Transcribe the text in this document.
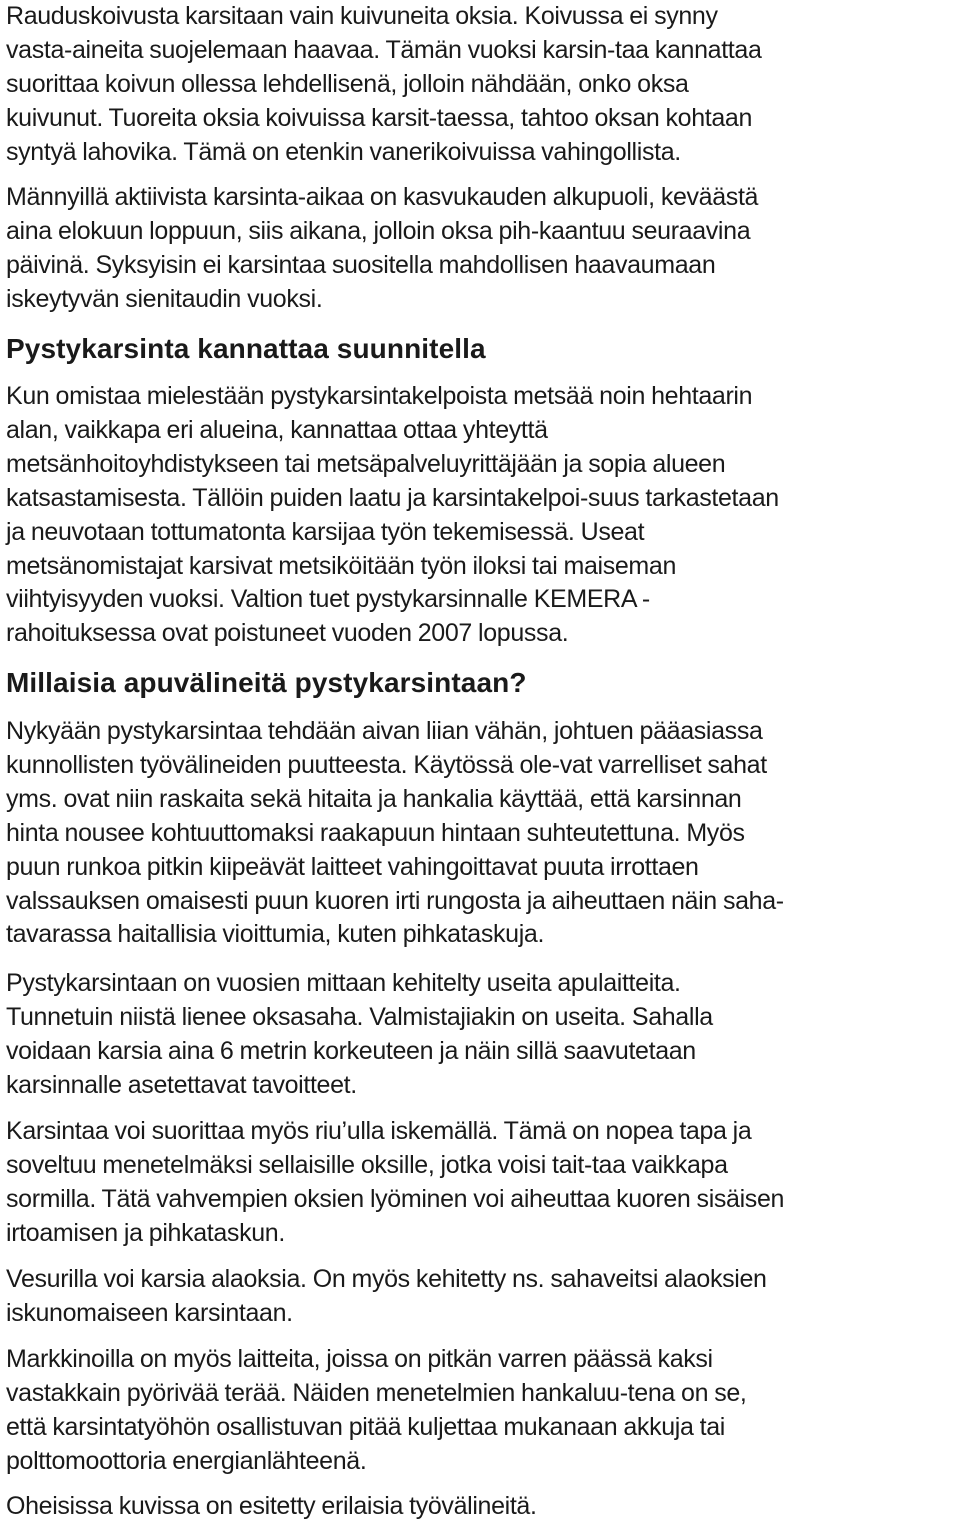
Rauduskoivusta karsitaan vain kuivuneita oksia. Koivussa ei synny
vasta-aineita suojelemaan haavaa. Tämän vuoksi karsin-taa kannattaa
suorittaa koivun ollessa lehdellisenä, jolloin nähdään, onko oksa
kuivunut. Tuoreita oksia koivuissa karsit-taessa, tahtoo oksan kohtaan
syntyä lahovika. Tämä on etenkin vanerikoivuissa vahingollista.

Männyillä aktiivista karsinta-aikaa on kasvukauden alkupuoli, keväästä
aina elokuun loppuun, siis aikana, jolloin oksa pih-kaantuu seuraavina
päivinä. Syksyisin ei karsintaa suositella mahdollisen haavaumaan
iskeytyvän sienitaudin vuoksi.

Pystykarsinta kannattaa suunnitella

Kun omistaa mielestään pystykarsintakelpoista metsää noin hehtaarin
alan, vaikkapa eri alueina, kannattaa ottaa yhteyttä
metsänhoitoyhdistykseen tai metsäpalveluyrittäjään ja sopia alueen
katsastamisesta. Tällöin puiden laatu ja karsintakelpoi-suus tarkastetaan
ja neuvotaan tottumatonta karsijaa työn tekemisessä. Useat
metsänomistajat karsivat metsiköitään työn iloksi tai maiseman
viihtyisyyden vuoksi. Valtion tuet pystykarsinnalle KEMERA -
rahoituksessa ovat poistuneet vuoden 2007 lopussa.

Millaisia apuvälineitä pystykarsintaan?

Nykyään pystykarsintaa tehdään aivan liian vähän, johtuen pääasiassa
kunnollisten työvälineiden puutteesta. Käytössä ole-vat varrelliset sahat
yms. ovat niin raskaita sekä hitaita ja hankalia käyttää, että karsinnan
hinta nousee kohtuuttomaksi raakapuun hintaan suhteutettuna. Myös
puun runkoa pitkin kiipeävät laitteet vahingoittavat puuta irrottaen
valssauksen omaisesti puun kuoren irti rungosta ja aiheuttaen näin saha-
tavarassa haitallisia vioittumia, kuten pihkataskuja.

Pystykarsintaan on vuosien mittaan kehitelty useita apulaitteita.
Tunnetuin niistä lienee oksasaha. Valmistajiakin on useita. Sahalla
voidaan karsia aina 6 metrin korkeuteen ja näin sillä saavutetaan
karsinnalle asetettavat tavoitteet.

Karsintaa voi suorittaa myös riu’ulla iskemällä. Tämä on nopea tapa ja
soveltuu menetelmäksi sellaisille oksille, jotka voisi tait-taa vaikkapa
sormilla. Tätä vahvempien oksien lyöminen voi aiheuttaa kuoren sisäisen
irtoamisen ja pihkataskun.

Vesurilla voi karsia alaoksia. On myös kehitetty ns. sahaveitsi alaoksien
iskunomaiseen karsintaan.

Markkinoilla on myös laitteita, joissa on pitkän varren päässä kaksi
vastakkain pyörivää terää. Näiden menetelmien hankaluu-tena on se,
että karsintatyöhön osallistuvan pitää kuljettaa mukanaan akkuja tai
polttomoottoria energianlähteenä.

Oheisissa kuvissa on esitetty erilaisia työvälineitä.
